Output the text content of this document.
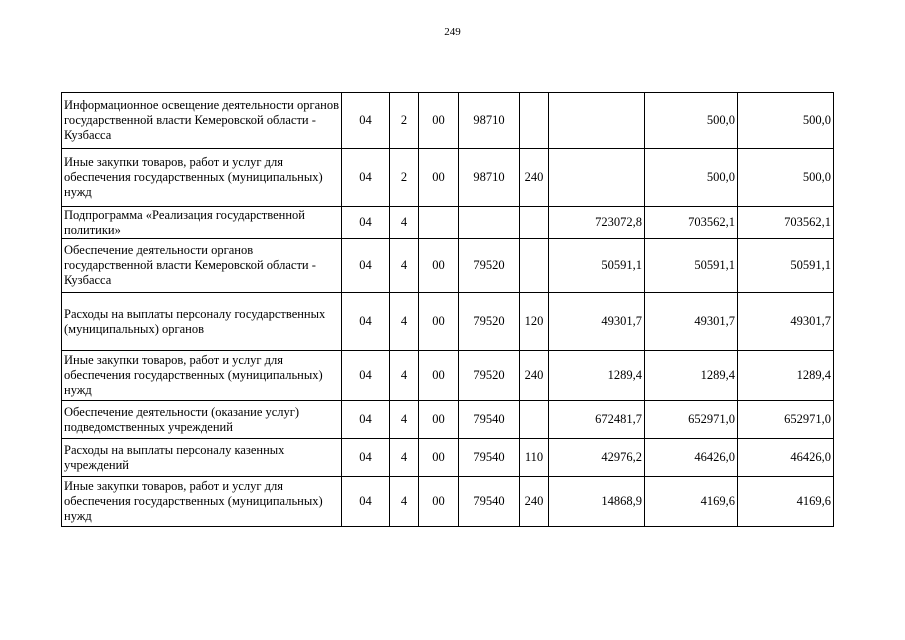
249
Информационное освещение деятельности органов государственной власти Кемеровской области - Кузбасса	04	2	00	98710			500,0	500,0
Иные закупки товаров, работ и услуг для обеспечения государственных (муниципальных) нужд	04	2	00	98710	240		500,0	500,0
Подпрограмма «Реализация государственной политики»	04	4				723072,8	703562,1	703562,1
Обеспечение деятельности органов государственной власти Кемеровской области - Кузбасса	04	4	00	79520		50591,1	50591,1	50591,1
Расходы на выплаты персоналу государственных (муниципальных) органов	04	4	00	79520	120	49301,7	49301,7	49301,7
Иные закупки товаров, работ и услуг для обеспечения государственных (муниципальных) нужд	04	4	00	79520	240	1289,4	1289,4	1289,4
Обеспечение деятельности (оказание услуг) подведомственных учреждений	04	4	00	79540		672481,7	652971,0	652971,0
Расходы на выплаты персоналу казенных учреждений	04	4	00	79540	110	42976,2	46426,0	46426,0
Иные закупки товаров, работ и услуг для обеспечения государственных (муниципальных) нужд	04	4	00	79540	240	14868,9	4169,6	4169,6
